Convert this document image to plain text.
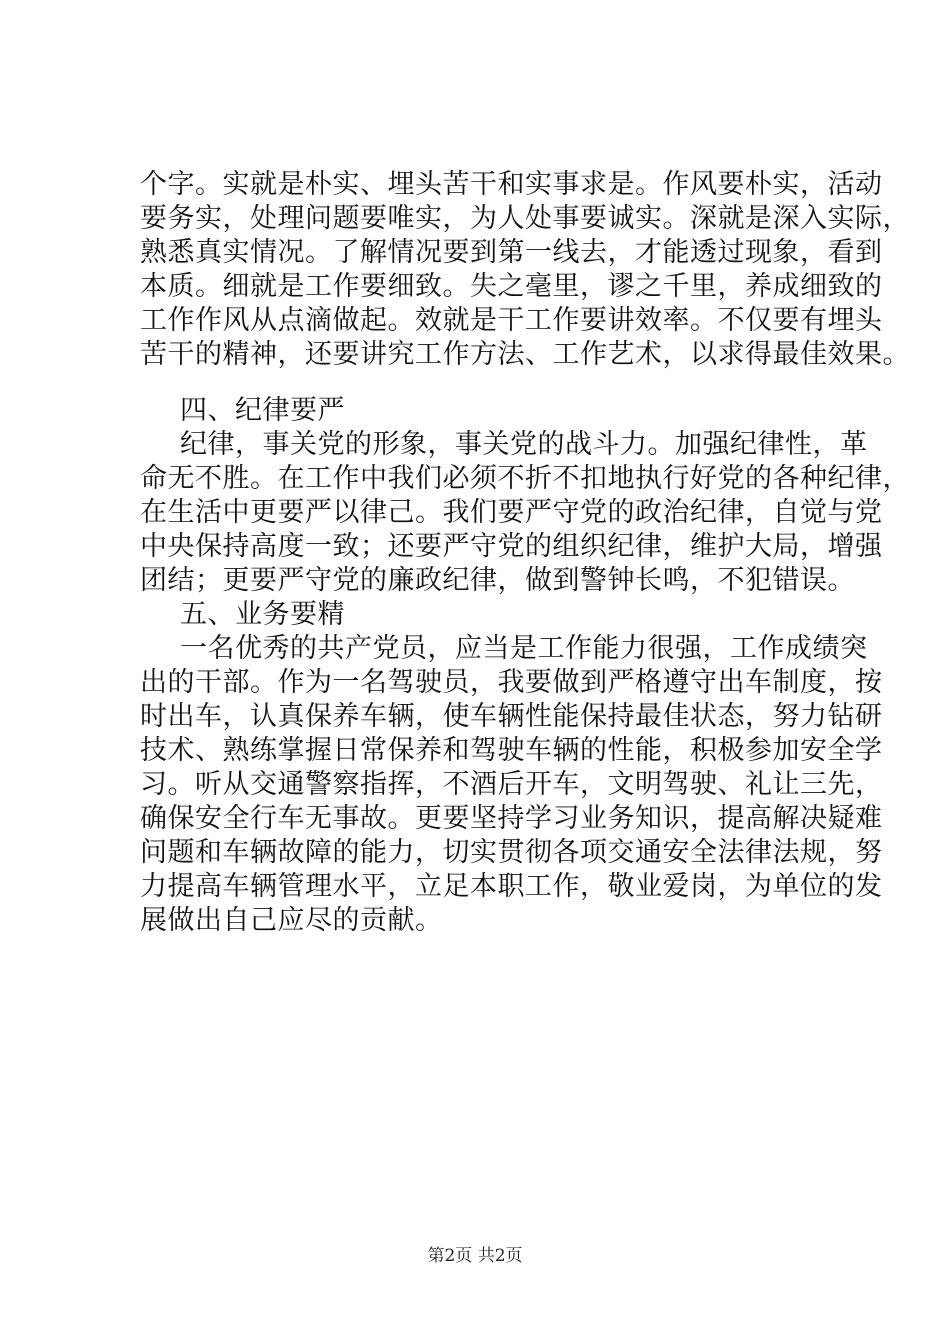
个字。实就是朴实、埋头苦干和实事求是。作风要朴实，活动
要务实，处理问题要唯实，为人处事要诚实。深就是深入实际，
熟悉真实情况。了解情况要到第一线去，才能透过现象，看到
本质。细就是工作要细致。失之毫里，谬之千里，养成细致的
工作作风从点滴做起。效就是干工作要讲效率。不仅要有埋头
苦干的精神，还要讲究工作方法、工作艺术，以求得最佳效果。
四、纪律要严
纪律，事关党的形象，事关党的战斗力。加强纪律性，革
命无不胜。在工作中我们必须不折不扣地执行好党的各种纪律，
在生活中更要严以律己。我们要严守党的政治纪律，自觉与党
中央保持高度一致；还要严守党的组织纪律，维护大局，增强
团结；更要严守党的廉政纪律，做到警钟长鸣，不犯错误。
五、业务要精
一名优秀的共产党员，应当是工作能力很强，工作成绩突
出的干部。作为一名驾驶员，我要做到严格遵守出车制度，按
时出车，认真保养车辆，使车辆性能保持最佳状态，努力钻研
技术、熟练掌握日常保养和驾驶车辆的性能，积极参加安全学
习。听从交通警察指挥，不酒后开车，文明驾驶、礼让三先，
确保安全行车无事故。更要坚持学习业务知识，提高解决疑难
问题和车辆故障的能力，切实贯彻各项交通安全法律法规，努
力提高车辆管理水平，立足本职工作，敬业爱岗，为单位的发
展做出自己应尽的贡献。
第2页 共2页
